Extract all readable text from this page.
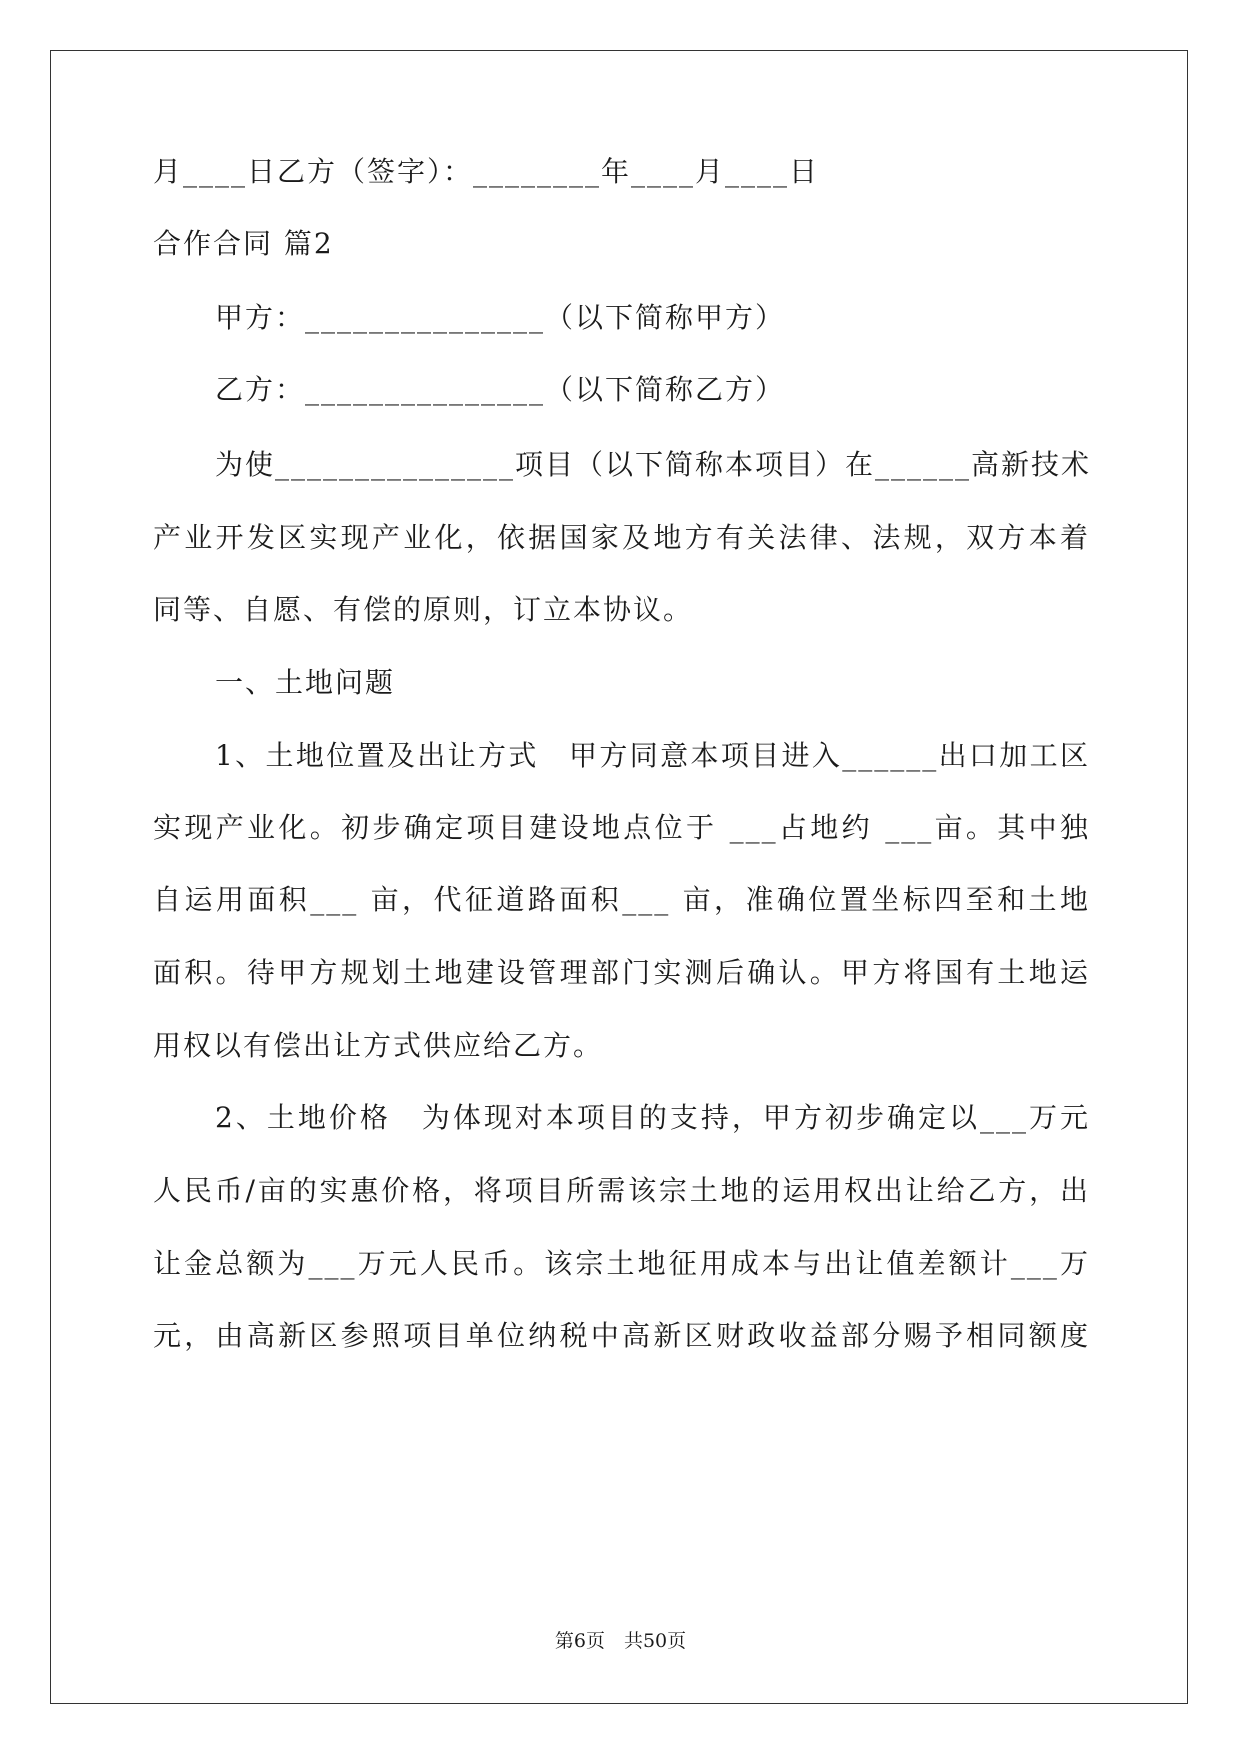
月____日乙方（签字）：________年____月____日
合作合同 篇2
甲方：_______________（以下简称甲方）
乙方：_______________（以下简称乙方）
为使_______________项目（以下简称本项目）在______高新技术
产业开发区实现产业化，依据国家及地方有关法律、法规，双方本着
同等、自愿、有偿的原则，订立本协议。
一、土地问题
1、土地位置及出让方式　甲方同意本项目进入______出口加工区
实现产业化。初步确定项目建设地点位于 ___占地约 ___亩。其中独
自运用面积___ 亩，代征道路面积___ 亩，准确位置坐标四至和土地
面积。待甲方规划土地建设管理部门实测后确认。甲方将国有土地运
用权以有偿出让方式供应给乙方。
2、土地价格　为体现对本项目的支持，甲方初步确定以___万元
人民币/亩的实惠价格，将项目所需该宗土地的运用权出让给乙方，出
让金总额为___万元人民币。该宗土地征用成本与出让值差额计___万
元，由高新区参照项目单位纳税中高新区财政收益部分赐予相同额度
第6页　共50页
